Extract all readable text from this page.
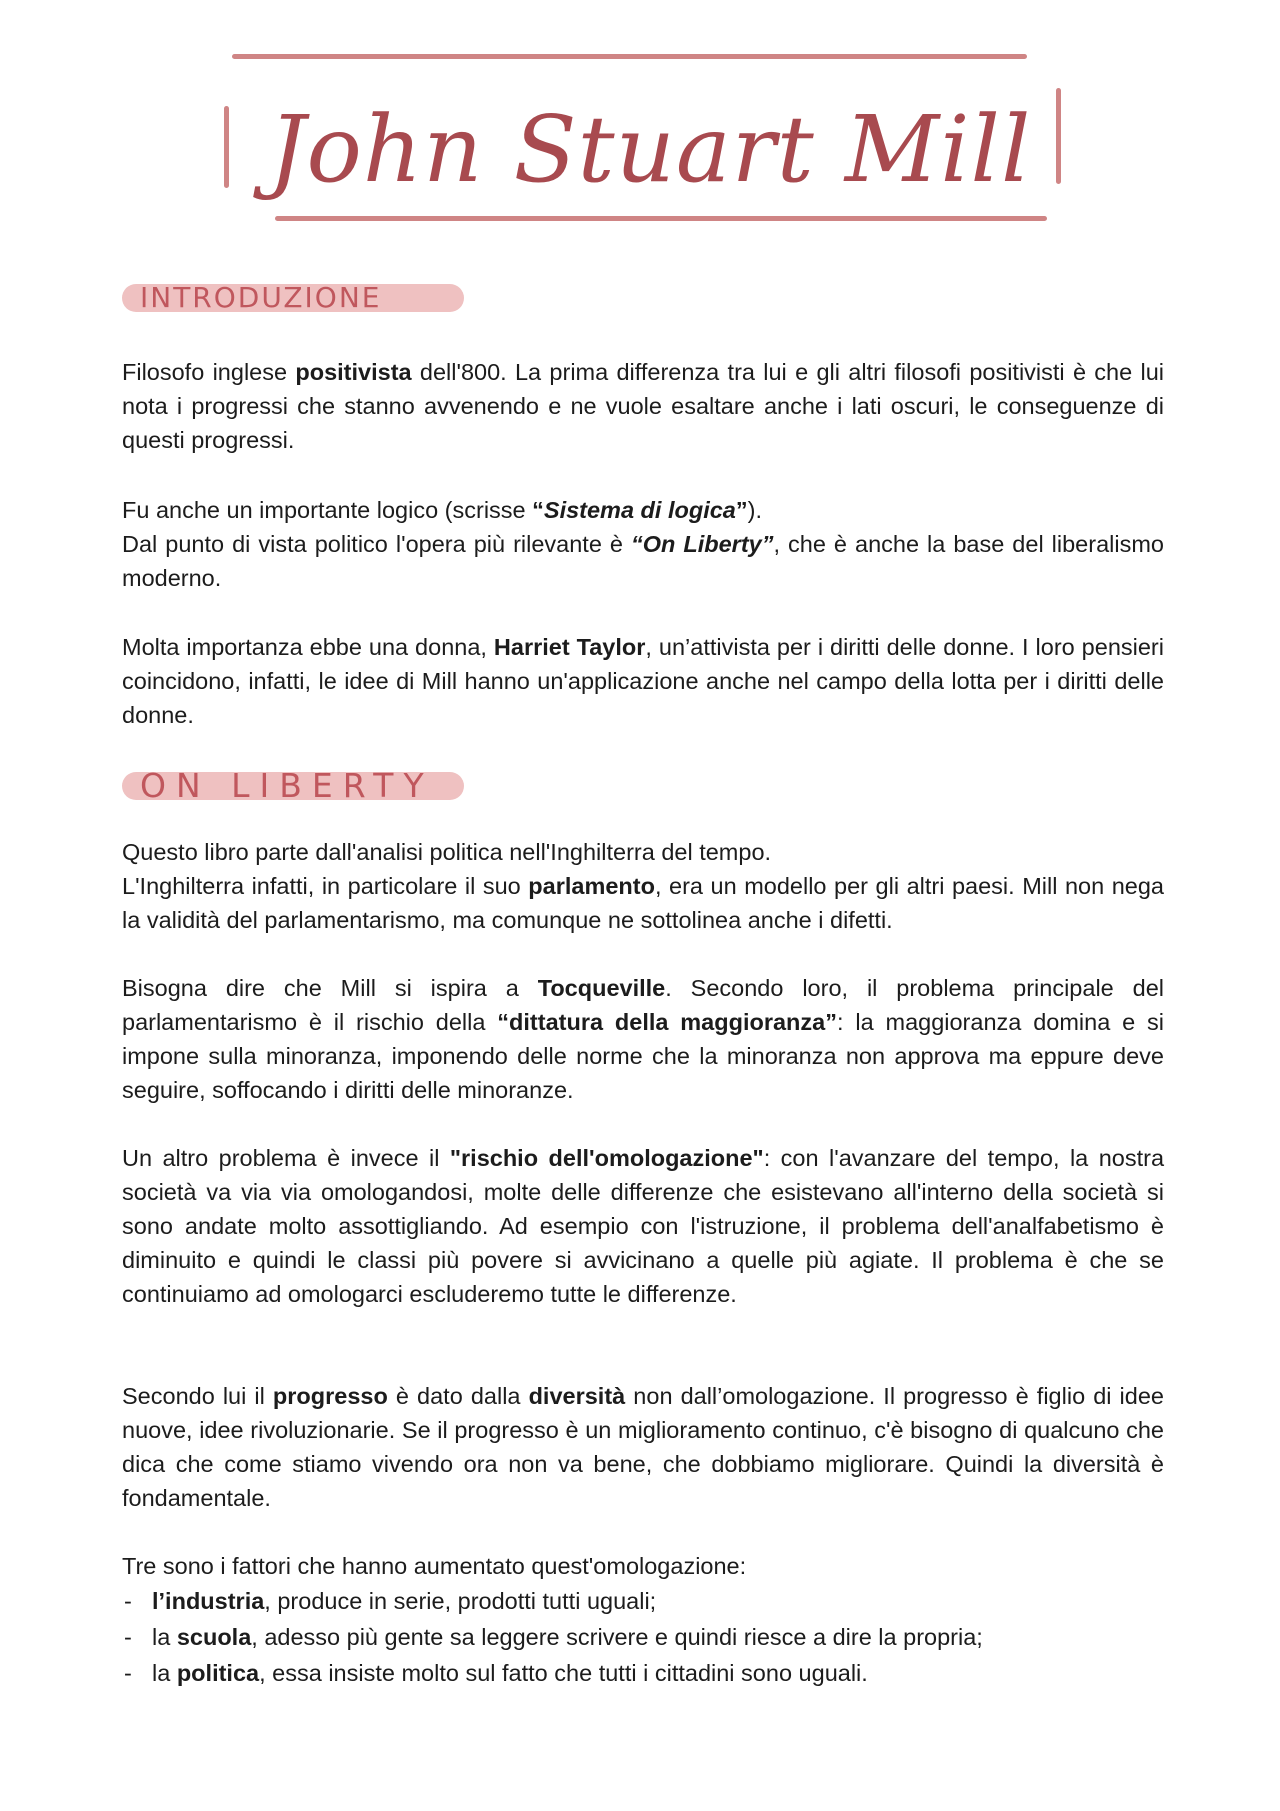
John Stuart Mill
INTRODUZIONE

Filosofo inglese positivista dell'800. La prima differenza tra lui e gli altri filosofi positivisti è che lui nota i progressi che stanno avvenendo e ne vuole esaltare anche i lati oscuri, le conseguenze di questi progressi.

Fu anche un importante logico (scrisse “Sistema di logica”).
Dal punto di vista politico l'opera più rilevante è “On Liberty”, che è anche la base del liberalismo moderno.

Molta importanza ebbe una donna, Harriet Taylor, un’attivista per i diritti delle donne. I loro pensieri coincidono, infatti, le idee di Mill hanno un'applicazione anche nel campo della lotta per i diritti delle donne.

ON LIBERTY

Questo libro parte dall'analisi politica nell'Inghilterra del tempo.
L'Inghilterra infatti, in particolare il suo parlamento, era un modello per gli altri paesi. Mill non nega la validità del parlamentarismo, ma comunque ne sottolinea anche i difetti.

Bisogna dire che Mill si ispira a Tocqueville. Secondo loro, il problema principale del parlamentarismo è il rischio della “dittatura della maggioranza”: la maggioranza domina e si impone sulla minoranza, imponendo delle norme che la minoranza non approva ma eppure deve seguire, soffocando i diritti delle minoranze.

Un altro problema è invece il "rischio dell'omologazione": con l'avanzare del tempo, la nostra società va via via omologandosi, molte delle differenze che esistevano all'interno della società si sono andate molto assottigliando. Ad esempio con l'istruzione, il problema dell'analfabetismo è diminuito e quindi le classi più povere si avvicinano a quelle più agiate. Il problema è che se continuiamo ad omologarci escluderemo tutte le differenze.

Secondo lui il progresso è dato dalla diversità non dall’omologazione. Il progresso è figlio di idee nuove, idee rivoluzionarie. Se il progresso è un miglioramento continuo, c'è bisogno di qualcuno che dica che come stiamo vivendo ora non va bene, che dobbiamo migliorare. Quindi la diversità è fondamentale.

Tre sono i fattori che hanno aumentato quest'omologazione:

- l’industria, produce in serie, prodotti tutti uguali;
- la scuola, adesso più gente sa leggere scrivere e quindi riesce a dire la propria;
- la politica, essa insiste molto sul fatto che tutti i cittadini sono uguali.
